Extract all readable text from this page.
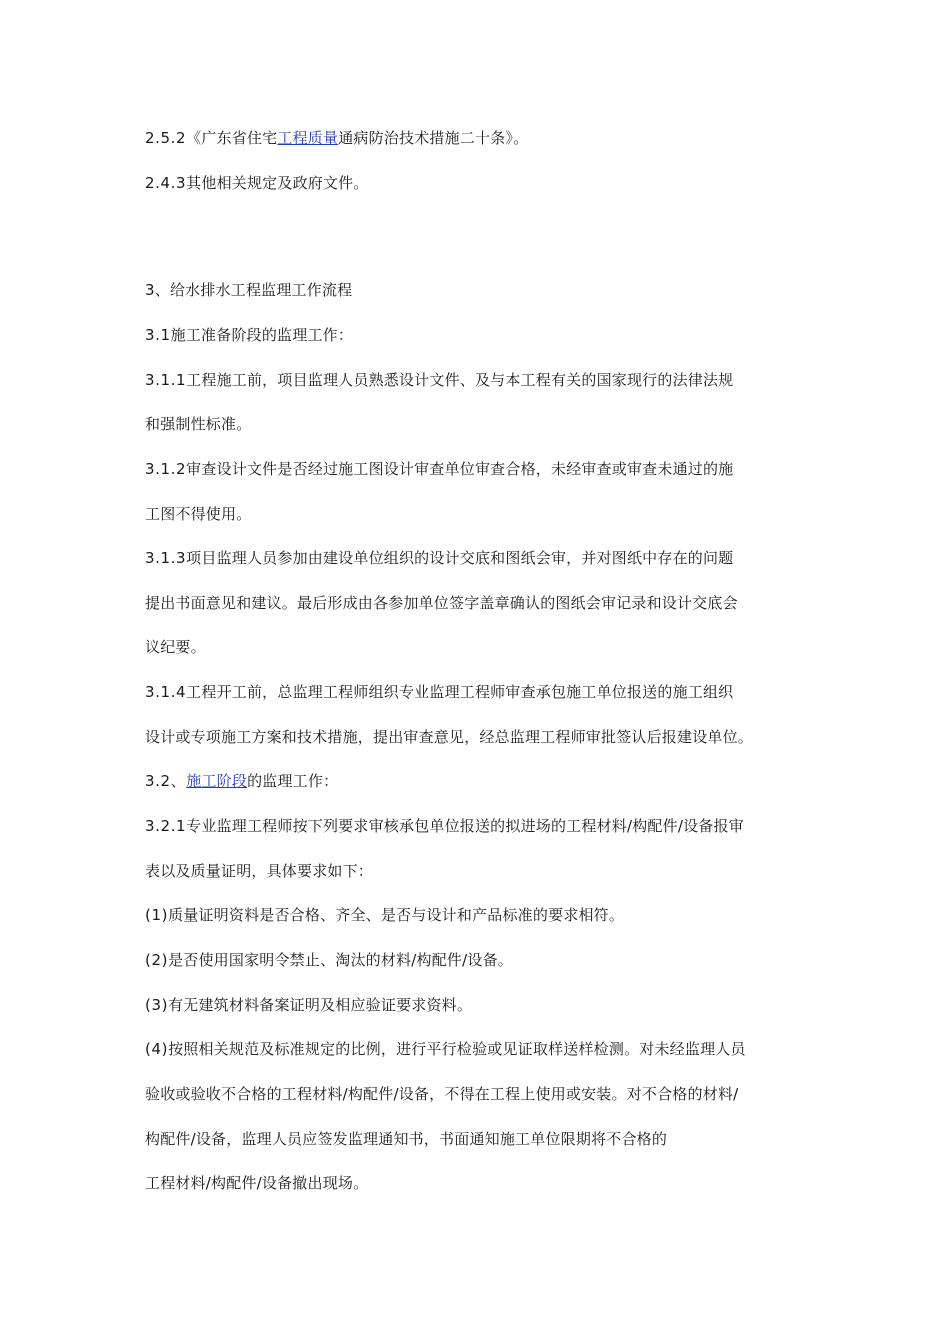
2.5.2《广东省住宅工程质量通病防治技术措施二十条》。
2.4.3其他相关规定及政府文件。
3、给水排水工程监理工作流程
3.1施工准备阶段的监理工作：
3.1.1工程施工前，项目监理人员熟悉设计文件、及与本工程有关的国家现行的法律法规
和强制性标准。
3.1.2审查设计文件是否经过施工图设计审查单位审查合格，未经审查或审查未通过的施
工图不得使用。
3.1.3项目监理人员参加由建设单位组织的设计交底和图纸会审，并对图纸中存在的问题
提出书面意见和建议。最后形成由各参加单位签字盖章确认的图纸会审记录和设计交底会
议纪要。
3.1.4工程开工前，总监理工程师组织专业监理工程师审查承包施工单位报送的施工组织
设计或专项施工方案和技术措施，提出审查意见，经总监理工程师审批签认后报建设单位。
3.2、施工阶段的监理工作：
3.2.1专业监理工程师按下列要求审核承包单位报送的拟进场的工程材料/构配件/设备报审
表以及质量证明，具体要求如下：
(1)质量证明资料是否合格、齐全、是否与设计和产品标准的要求相符。
(2)是否使用国家明令禁止、淘汰的材料/构配件/设备。
(3)有无建筑材料备案证明及相应验证要求资料。
(4)按照相关规范及标准规定的比例，进行平行检验或见证取样送样检测。对未经监理人员
验收或验收不合格的工程材料/构配件/设备，不得在工程上使用或安装。对不合格的材料/
构配件/设备，监理人员应签发监理通知书，书面通知施工单位限期将不合格的
工程材料/构配件/设备撤出现场。
